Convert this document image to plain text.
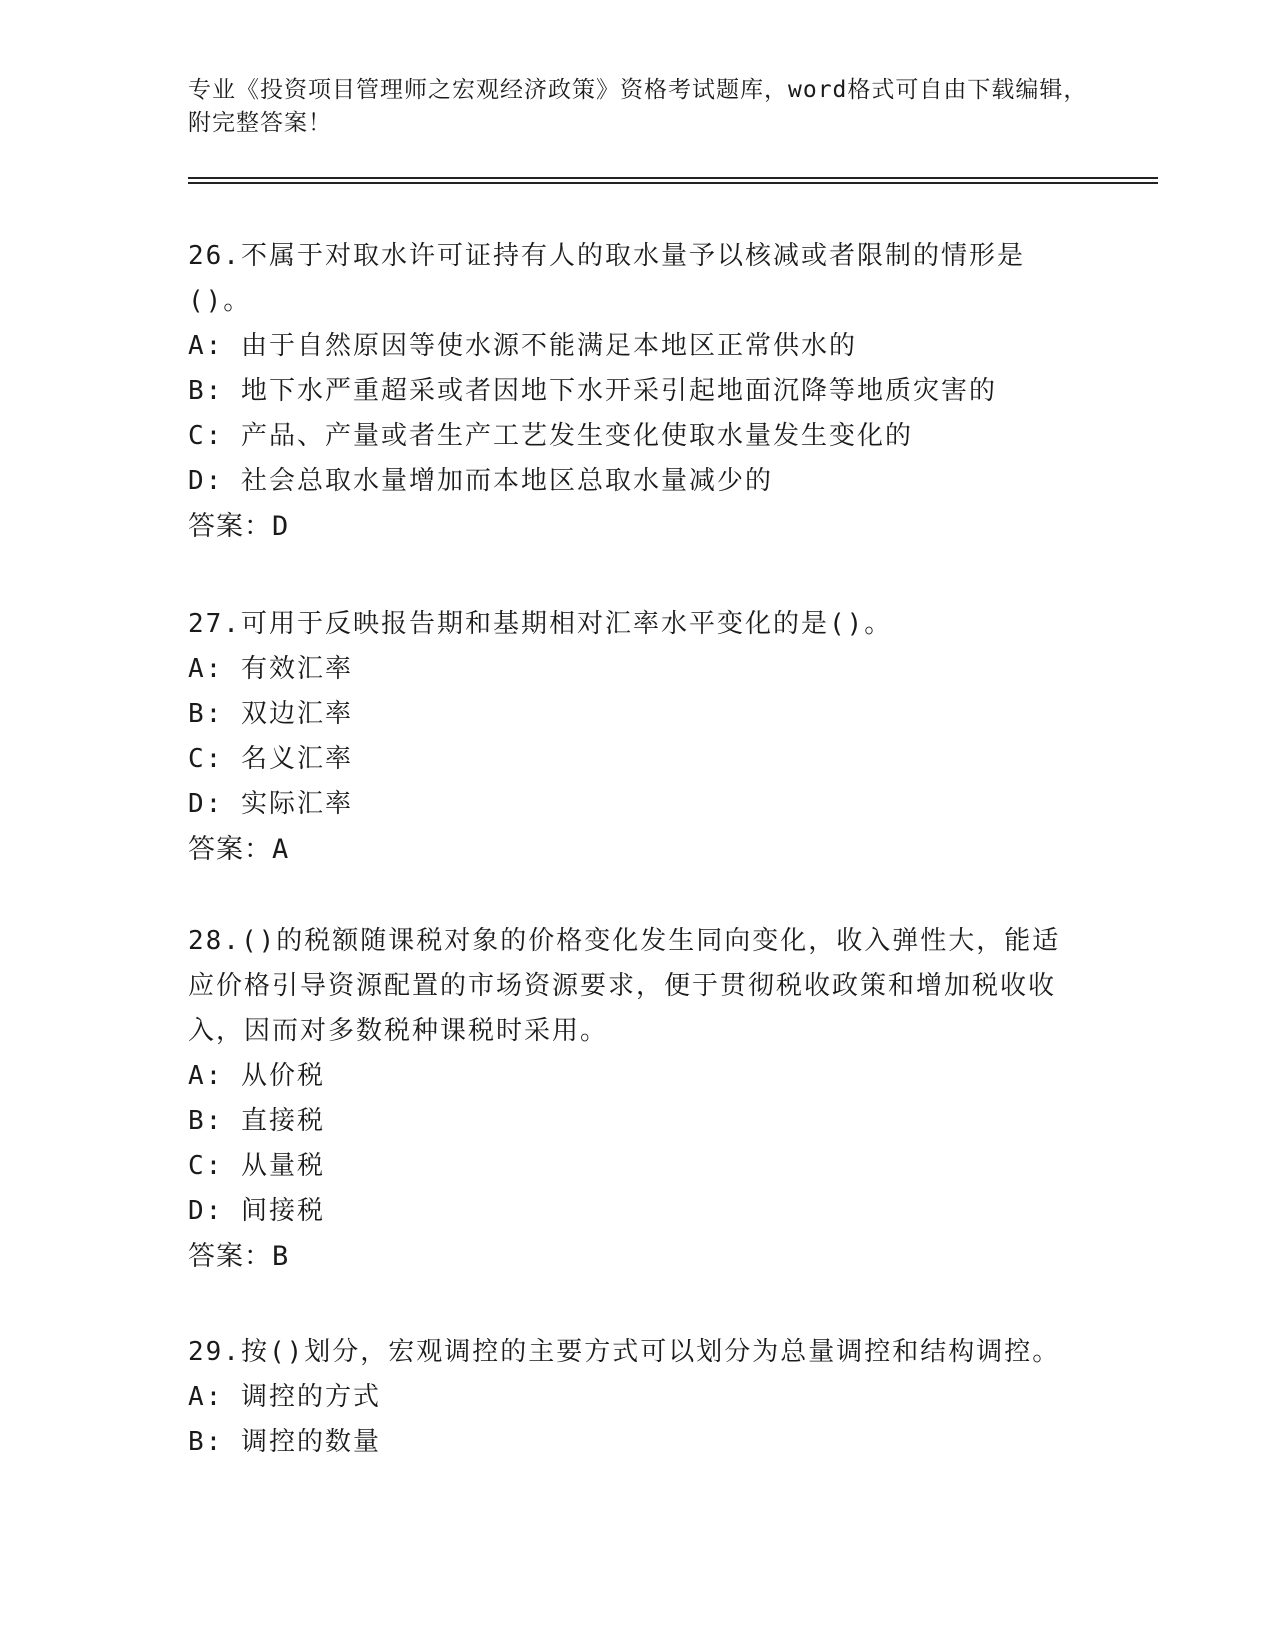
专业《投资项目管理师之宏观经济政策》资格考试题库，word格式可自由下载编辑，附完整答案！

26.不属于对取水许可证持有人的取水量予以核减或者限制的情形是()。

A: 由于自然原因等使水源不能满足本地区正常供水的

B: 地下水严重超采或者因地下水开采引起地面沉降等地质灾害的

C: 产品、产量或者生产工艺发生变化使取水量发生变化的

D: 社会总取水量增加而本地区总取水量减少的

答案：D

27.可用于反映报告期和基期相对汇率水平变化的是()。

A: 有效汇率

B: 双边汇率

C: 名义汇率

D: 实际汇率

答案：A

28.()的税额随课税对象的价格变化发生同向变化，收入弹性大，能适应价格引导资源配置的市场资源要求，便于贯彻税收政策和增加税收收入，因而对多数税种课税时采用。

A: 从价税

B: 直接税

C: 从量税

D: 间接税

答案：B

29.按()划分，宏观调控的主要方式可以划分为总量调控和结构调控。

A: 调控的方式

B: 调控的数量
